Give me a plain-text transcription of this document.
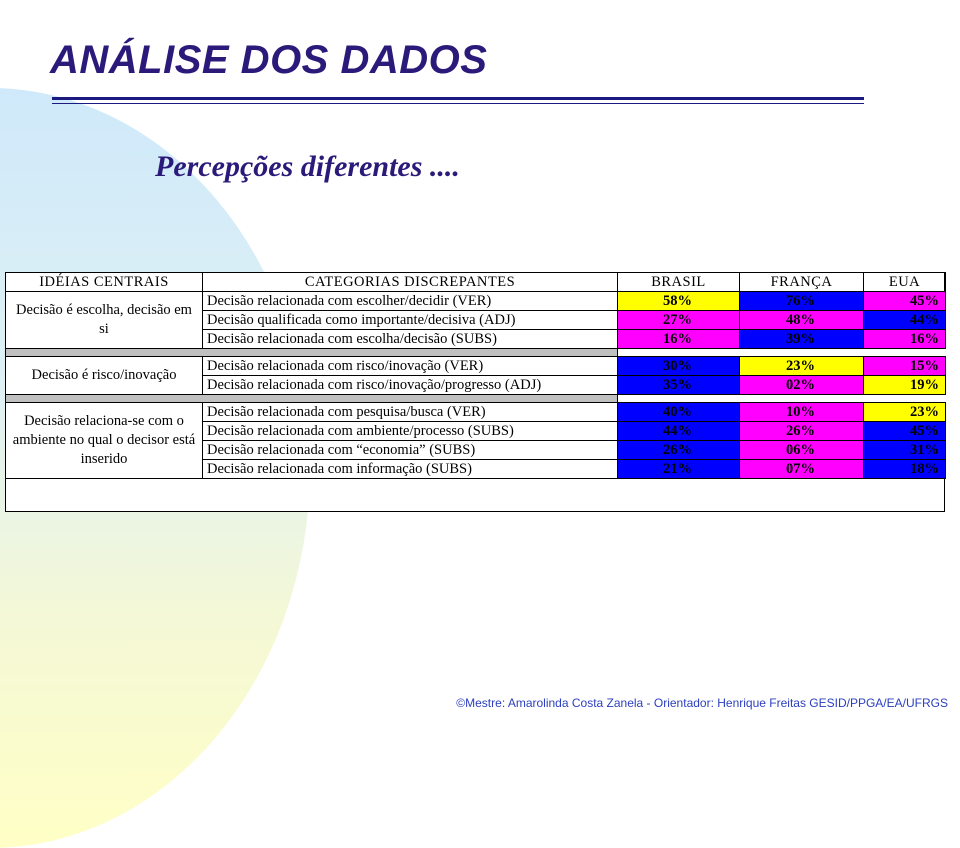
ANÁLISE DOS DADOS
Percepções diferentes ....
IDÉIAS CENTRAIS	CATEGORIAS DISCREPANTES	BRASIL	FRANÇA	EUA
Decisão é escolha, decisão em si	Decisão relacionada com escolher/decidir (VER)	58%	76%	45%
	Decisão qualificada como importante/decisiva (ADJ)	27%	48%	44%
	Decisão relacionada com escolha/decisão (SUBS)	16%	39%	16%

Decisão é risco/inovação	Decisão relacionada com risco/inovação (VER)	30%	23%	15%
	Decisão relacionada com risco/inovação/progresso (ADJ)	35%	02%	19%

Decisão relaciona-se com o ambiente no qual o decisor está inserido	Decisão relacionada com pesquisa/busca (VER)	40%	10%	23%
	Decisão relacionada com ambiente/processo (SUBS)	44%	26%	45%
	Decisão relacionada com “economia” (SUBS)	26%	06%	31%
	Decisão relacionada com informação (SUBS)	21%	07%	18%
©Mestre: Amarolinda Costa Zanela - Orientador: Henrique Freitas GESID/PPGA/EA/UFRGS
